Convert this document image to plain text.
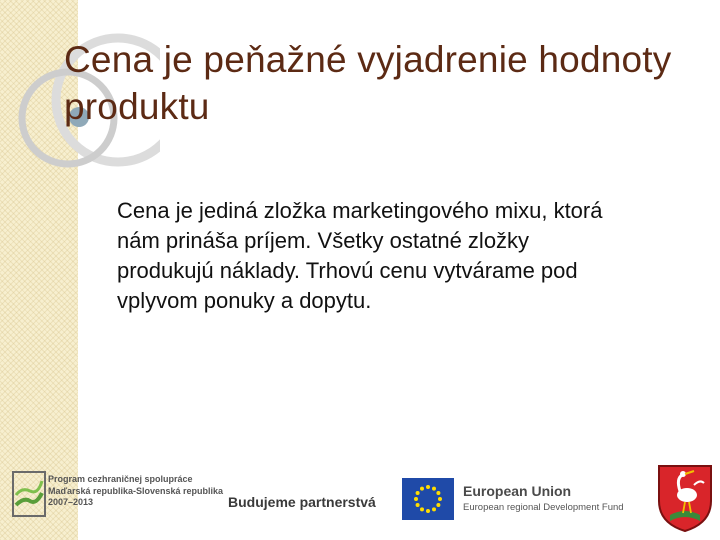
Cena je peňažné vyjadrenie hodnoty produktu

Cena je jediná zložka marketingového mixu, ktorá nám prináša príjem. Všetky ostatné zložky produkujú náklady. Trhovú cenu vytvárame pod vplyvom ponuky a dopytu.

Program cezhraničnej spolupráce
Maďarská republika-Slovenská republika
2007–2013	Budujeme partnerstvá
European Union
European regional Development Fund
